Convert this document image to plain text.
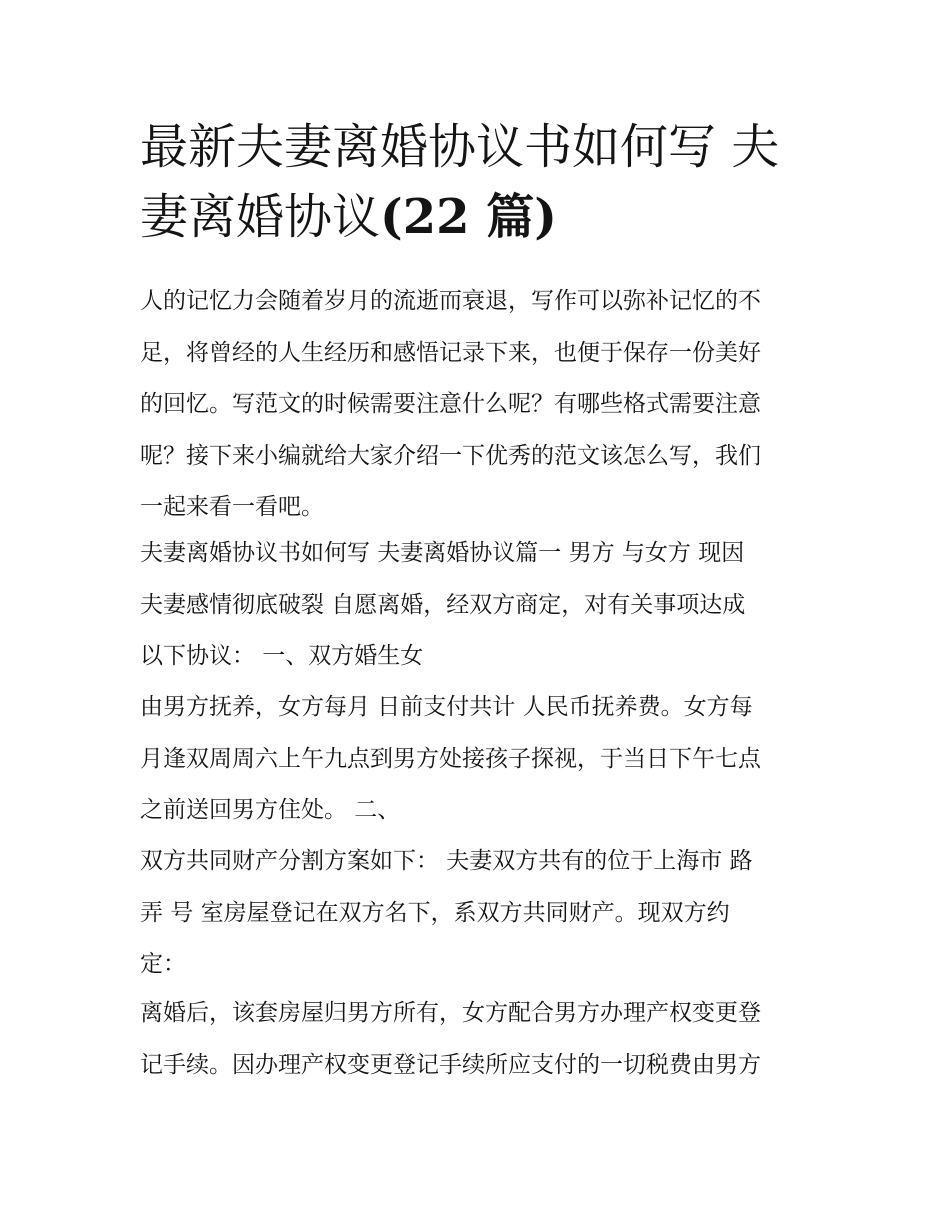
最新夫妻离婚协议书如何写 夫
妻离婚协议(22 篇)

人的记忆力会随着岁月的流逝而衰退，写作可以弥补记忆的不
足，将曾经的人生经历和感悟记录下来，也便于保存一份美好
的回忆。写范文的时候需要注意什么呢？有哪些格式需要注意
呢？接下来小编就给大家介绍一下优秀的范文该怎么写，我们
一起来看一看吧。

夫妻离婚协议书如何写 夫妻离婚协议篇一 男方 与女方 现因
夫妻感情彻底破裂 自愿离婚，经双方商定，对有关事项达成
以下协议： 一、双方婚生女

由男方抚养，女方每月 日前支付共计 人民币抚养费。女方每
月逢双周周六上午九点到男方处接孩子探视，于当日下午七点
之前送回男方住处。 二、

双方共同财产分割方案如下： 夫妻双方共有的位于上海市 路
弄 号 室房屋登记在双方名下，系双方共同财产。现双方约
定：

离婚后，该套房屋归男方所有，女方配合男方办理产权变更登
记手续。因办理产权变更登记手续所应支付的一切税费由男方
